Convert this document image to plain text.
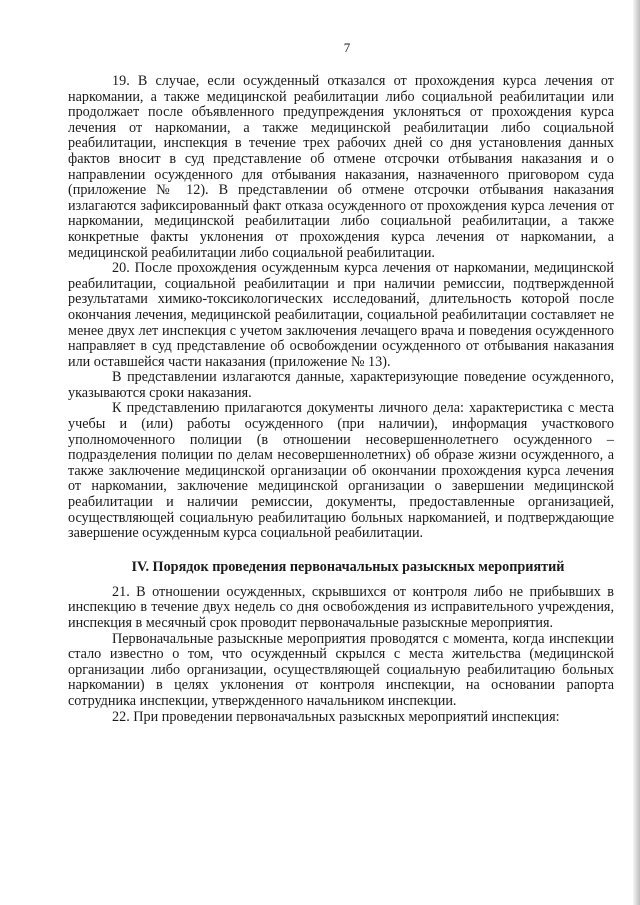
7

19. В случае, если осужденный отказался от прохождения курса лечения от наркомании, а также медицинской реабилитации либо социальной реабилитации или продолжает после объявленного предупреждения уклоняться от прохождения курса лечения от наркомании, а также медицинской реабилитации либо социальной реабилитации, инспекция в течение трех рабочих дней со дня установления данных фактов вносит в суд представление об отмене отсрочки отбывания наказания и о направлении осужденного для отбывания наказания, назначенного приговором суда (приложение № 12). В представлении об отмене отсрочки отбывания наказания излагаются зафиксированный факт отказа осужденного от прохождения курса лечения от наркомании, медицинской реабилитации либо социальной реабилитации, а также конкретные факты уклонения от прохождения курса лечения от наркомании, а медицинской реабилитации либо социальной реабилитации.

20. После прохождения осужденным курса лечения от наркомании, медицинской реабилитации, социальной реабилитации и при наличии ремиссии, подтвержденной результатами химико-токсикологических исследований, длительность которой после окончания лечения, медицинской реабилитации, социальной реабилитации составляет не менее двух лет инспекция с учетом заключения лечащего врача и поведения осужденного направляет в суд представление об освобождении осужденного от отбывания наказания или оставшейся части наказания (приложение № 13).

В представлении излагаются данные, характеризующие поведение осужденного, указываются сроки наказания.

К представлению прилагаются документы личного дела: характеристика с места учебы и (или) работы осужденного (при наличии), информация участкового уполномоченного полиции (в отношении несовершеннолетнего осужденного – подразделения полиции по делам несовершеннолетних) об образе жизни осужденного, а также заключение медицинской организации об окончании прохождения курса лечения от наркомании, заключение медицинской организации о завершении медицинской реабилитации и наличии ремиссии, документы, предоставленные организацией, осуществляющей социальную реабилитацию больных наркоманией, и подтверждающие завершение осужденным курса социальной реабилитации.

IV. Порядок проведения первоначальных разыскных мероприятий

21. В отношении осужденных, скрывшихся от контроля либо не прибывших в инспекцию в течение двух недель со дня освобождения из исправительного учреждения, инспекция в месячный срок проводит первоначальные разыскные мероприятия.

Первоначальные разыскные мероприятия проводятся с момента, когда инспекции стало известно о том, что осужденный скрылся с места жительства (медицинской организации либо организации, осуществляющей социальную реабилитацию больных наркомании) в целях уклонения от контроля инспекции, на основании рапорта сотрудника инспекции, утвержденного начальником инспекции.

22. При проведении первоначальных разыскных мероприятий инспекция:
